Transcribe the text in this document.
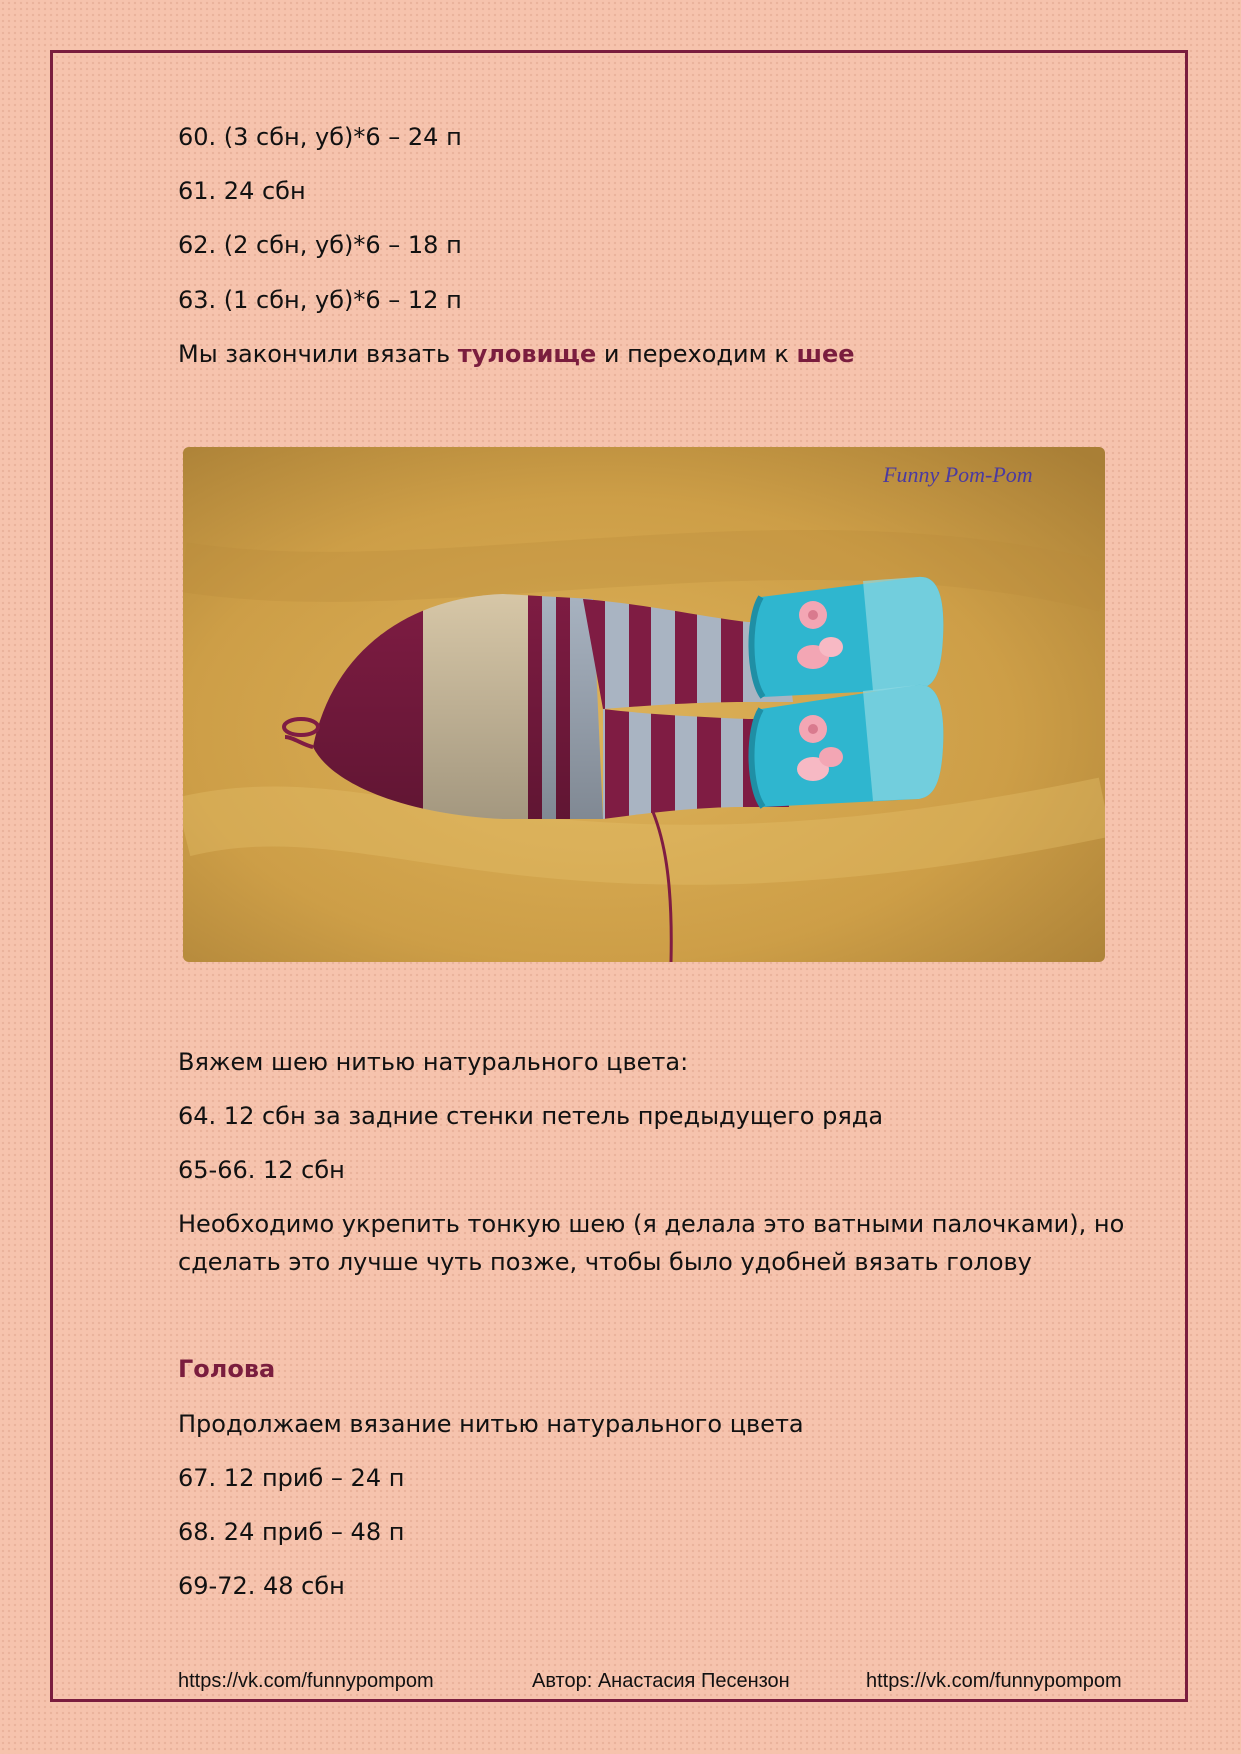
60. (3 сбн, уб)*6 – 24 п
61. 24 сбн
62. (2 сбн, уб)*6 – 18 п
63. (1 сбн, уб)*6 – 12 п
Мы закончили вязать туловище и переходим к шее
Funny Pom-Pom
Вяжем шею нитью натурального цвета:
64. 12 сбн за задние стенки петель предыдущего ряда
65-66. 12 сбн
Необходимо укрепить тонкую шею (я делала это ватными палочками), но
сделать это лучше чуть позже, чтобы было удобней вязать голову
Голова
Продолжаем вязание нитью натурального цвета
67. 12 приб – 24 п
68. 24 приб – 48 п
69-72. 48 сбн
https://vk.com/funnypompom	Автор: Анастасия Песензон	https://vk.com/funnypompom
